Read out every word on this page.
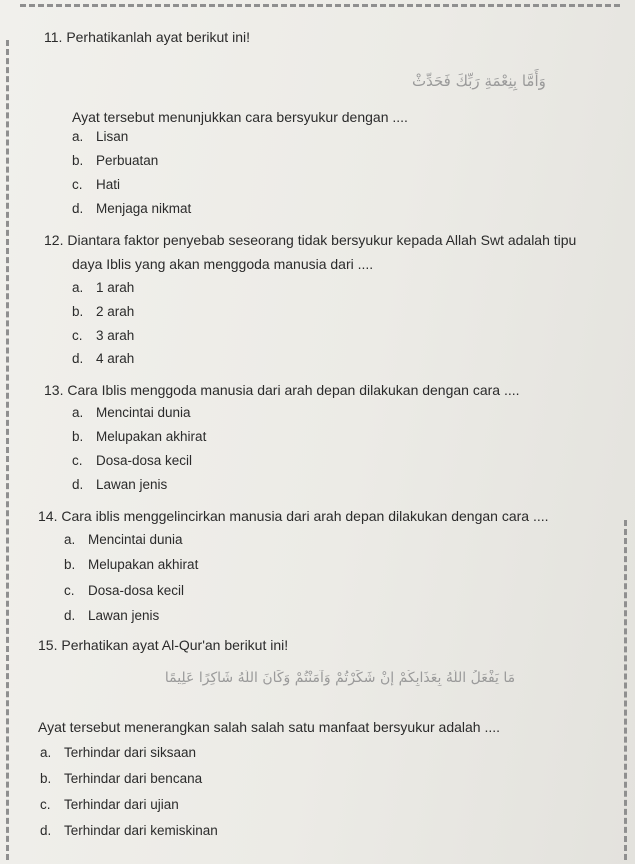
11. Perhatikanlah ayat berikut ini!
وَأَمَّا بِنِعْمَةِ رَبِّكَ فَحَدِّثْ
Ayat tersebut menunjukkan cara bersyukur dengan ....
a. Lisan
b. Perbuatan
c. Hati
d. Menjaga nikmat
12. Diantara faktor penyebab seseorang tidak bersyukur kepada Allah Swt adalah tipu
daya Iblis yang akan menggoda manusia dari ....
a. 1 arah
b. 2 arah
c. 3 arah
d. 4 arah
13. Cara Iblis menggoda manusia dari arah depan dilakukan dengan cara ....
a. Mencintai dunia
b. Melupakan akhirat
c. Dosa-dosa kecil
d. Lawan jenis
14. Cara iblis menggelincirkan manusia dari arah depan dilakukan dengan cara ....
a. Mencintai dunia
b. Melupakan akhirat
c. Dosa-dosa kecil
d. Lawan jenis
15. Perhatikan ayat Al-Qur'an berikut ini!
مَا يَفْعَلُ اللَّهُ بِعَذَابِكُمْ إِنْ شَكَرْتُمْ وَآمَنْتُمْ وَكَانَ اللَّهُ شَاكِرًا عَلِيمًا
Ayat tersebut menerangkan salah salah satu manfaat bersyukur adalah ....
a. Terhindar dari siksaan
b. Terhindar dari bencana
c. Terhindar dari ujian
d. Terhindar dari kemiskinan
